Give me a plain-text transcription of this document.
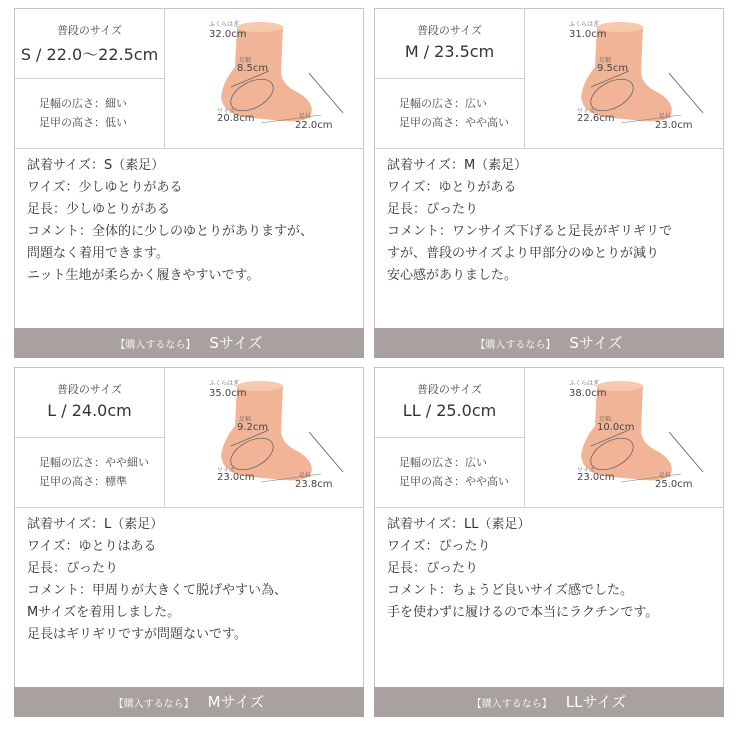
普段のサイズ
S / 22.0〜22.5cm
足幅の広さ：細い
足甲の高さ：低い
ふくらはぎ
32.0cm
足幅
8.5cm
ワイズ
20.8cm	足長
22.0cm
試着サイズ：S（素足）
ワイズ：少しゆとりがある
足長：少しゆとりがある
コメント：全体的に少しのゆとりがありますが、
問題なく着用できます。
ニット生地が柔らかく履きやすいです。
【購入するなら】 Sサイズ
普段のサイズ
M / 23.5cm
足幅の広さ：広い
足甲の高さ：やや高い
ふくらはぎ
31.0cm
足幅
9.5cm
ワイズ
22.6cm	足長
23.0cm
試着サイズ：M（素足）
ワイズ：ゆとりがある
足長：ぴったり
コメント：ワンサイズ下げると足長がギリギリで
すが、普段のサイズより甲部分のゆとりが減り
安心感がありました。
【購入するなら】 Sサイズ
普段のサイズ
L / 24.0cm
足幅の広さ：やや細い
足甲の高さ：標準
ふくらはぎ
35.0cm
足幅
9.2cm
ワイズ
23.0cm	足長
23.8cm
試着サイズ：L（素足）
ワイズ：ゆとりはある
足長：ぴったり
コメント：甲周りが大きくて脱げやすい為、
Mサイズを着用しました。
足長はギリギリですが問題ないです。
【購入するなら】 Mサイズ
普段のサイズ
LL / 25.0cm
足幅の広さ：広い
足甲の高さ：やや高い
ふくらはぎ
38.0cm
足幅
10.0cm
ワイズ
23.0cm	足長
25.0cm
試着サイズ：LL（素足）
ワイズ：ぴったり
足長：ぴったり
コメント：ちょうど良いサイズ感でした。
手を使わずに履けるので本当にラクチンです。
【購入するなら】 LLサイズ
